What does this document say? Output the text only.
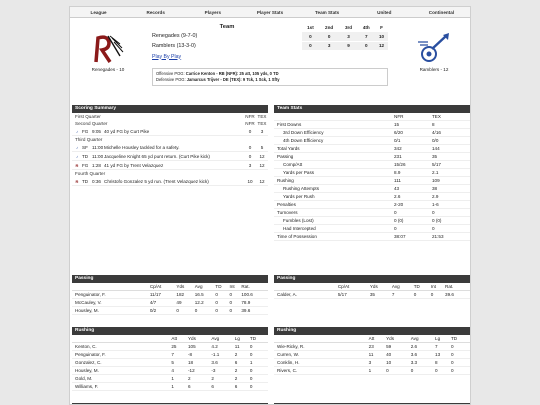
League	Records	Players	Player Stats	Team Stats	United	Continental
Renegades - 10
Team	1st	2nd	3rd	4th	F
Renegades (9-7-0)	0	0	3	7	10
Ramblers (13-3-0)	0	3	9	0	12
Play By Play
Offensive POG: Carrice Kenton - RB (NFR): 25 att, 105 yds, 0 TD
Defensive POG: Jamarcus Trijver - DE (TEX): 9 Tck, 1 Sck, 1 Sfty
Ramblers - 12
Scoring Summary
First Quarter	NFR TEX
Second Quarter	NFR TEX
♪ FG 9:05 40 yd FG by Curt Pike	0	3
Third Quarter
♪ SF 11:00 Michelle Housley tackled for a safety.	0	5
♪ TD 11:00 Jacqueline Knight 65 yd punt return. (Curt Pike kick)	0	12
R FG 1:28 41 yd FG by Trent Velazquez	3	12
Fourth Quarter
R TD 0:36 Christofo Gonzalez 5 yd run. (Trent Velazquez kick)	10	12
Team Stats
NFR	TEX
First Downs	15	8
3rd Down Efficiency	6/20	4/16
4th Down Efficiency	0/1	0/0
Total Yards	342	144
Passing	231	35
Comp/Att	15/26	5/17
Yards per Pass	8.9	2.1
Rushing	111	109
Rushing Attempts	43	38
Yards per Rush	2.6	2.9
Penalties	2-20	1-6
Turnovers	0	0
Fumbles (Lost)	0 (0)	0 (0)
Had Intercepted	0	0
Time of Possession	38:07	21:53
Passing
	Cp/At	Yds	Avg	TD	Int	Rat.
Penguinator, F.	11/17	182	16.5	0	0	100.6
McCauley, V.	4/7	49	12.2	0	0	78.9
Housley, M.	0/2	0	0	0	0	39.6
Passing
	Cp/At	Yds	Avg	TD	Int	Rat.
Calder, A.	5/17	35	7	0	0	39.6
Rushing
	Att	Yds	Avg	Lg	TD
Kenton, C.	25	105	4.2	11	0
Penguinator, F.	7	-8	-1.1	2	0
Gonzalez, C.	5	18	3.6	6	1
Housley, M.	4	-12	-3	2	0
Gold, M.	1	2	2	2	0
Williams, F.	1	6	6	6	0
Rushing
	Att	Yds	Avg	Lg	TD
Wie-Ricky, R.	23	59	2.6	7	0
Curren, W.	11	40	3.6	13	0
Conklin, H.	3	10	3.3	8	0
Rivers, C.	1	0	0	0	0
